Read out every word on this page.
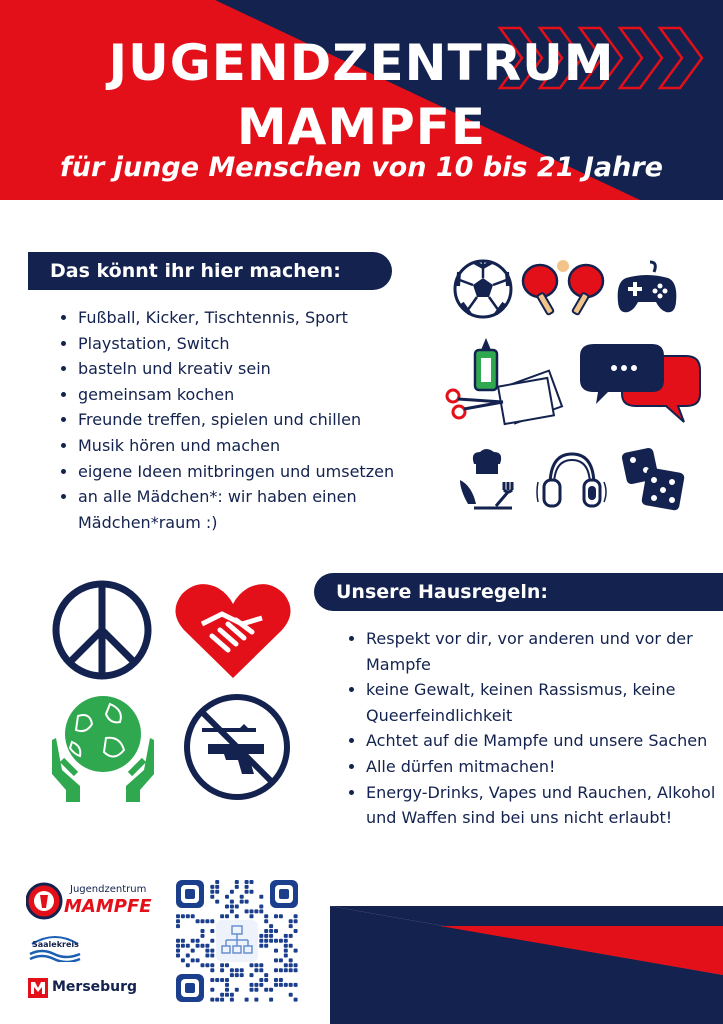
JUGENDZENTRUM
MAMPFE
für junge Menschen von 10 bis 21 Jahre
Das könnt ihr hier machen:
• Fußball, Kicker, Tischtennis, Sport
• Playstation, Switch
• basteln und kreativ sein
• gemeinsam kochen
• Freunde treffen, spielen und chillen
• Musik hören und machen
• eigene Ideen mitbringen und umsetzen
• an alle Mädchen*: wir haben einen Mädchen*raum :)
Unsere Hausregeln:
• Respekt vor dir, vor anderen und vor der Mampfe
• keine Gewalt, keinen Rassismus, keine Queerfeindlichkeit
• Achtet auf die Mampfe und unsere Sachen
• Alle dürfen mitmachen!
• Energy-Drinks, Vapes und Rauchen, Alkohol und Waffen sind bei uns nicht erlaubt!
Jugendzentrum
MAMPFE
Saalekreis
Merseburg
